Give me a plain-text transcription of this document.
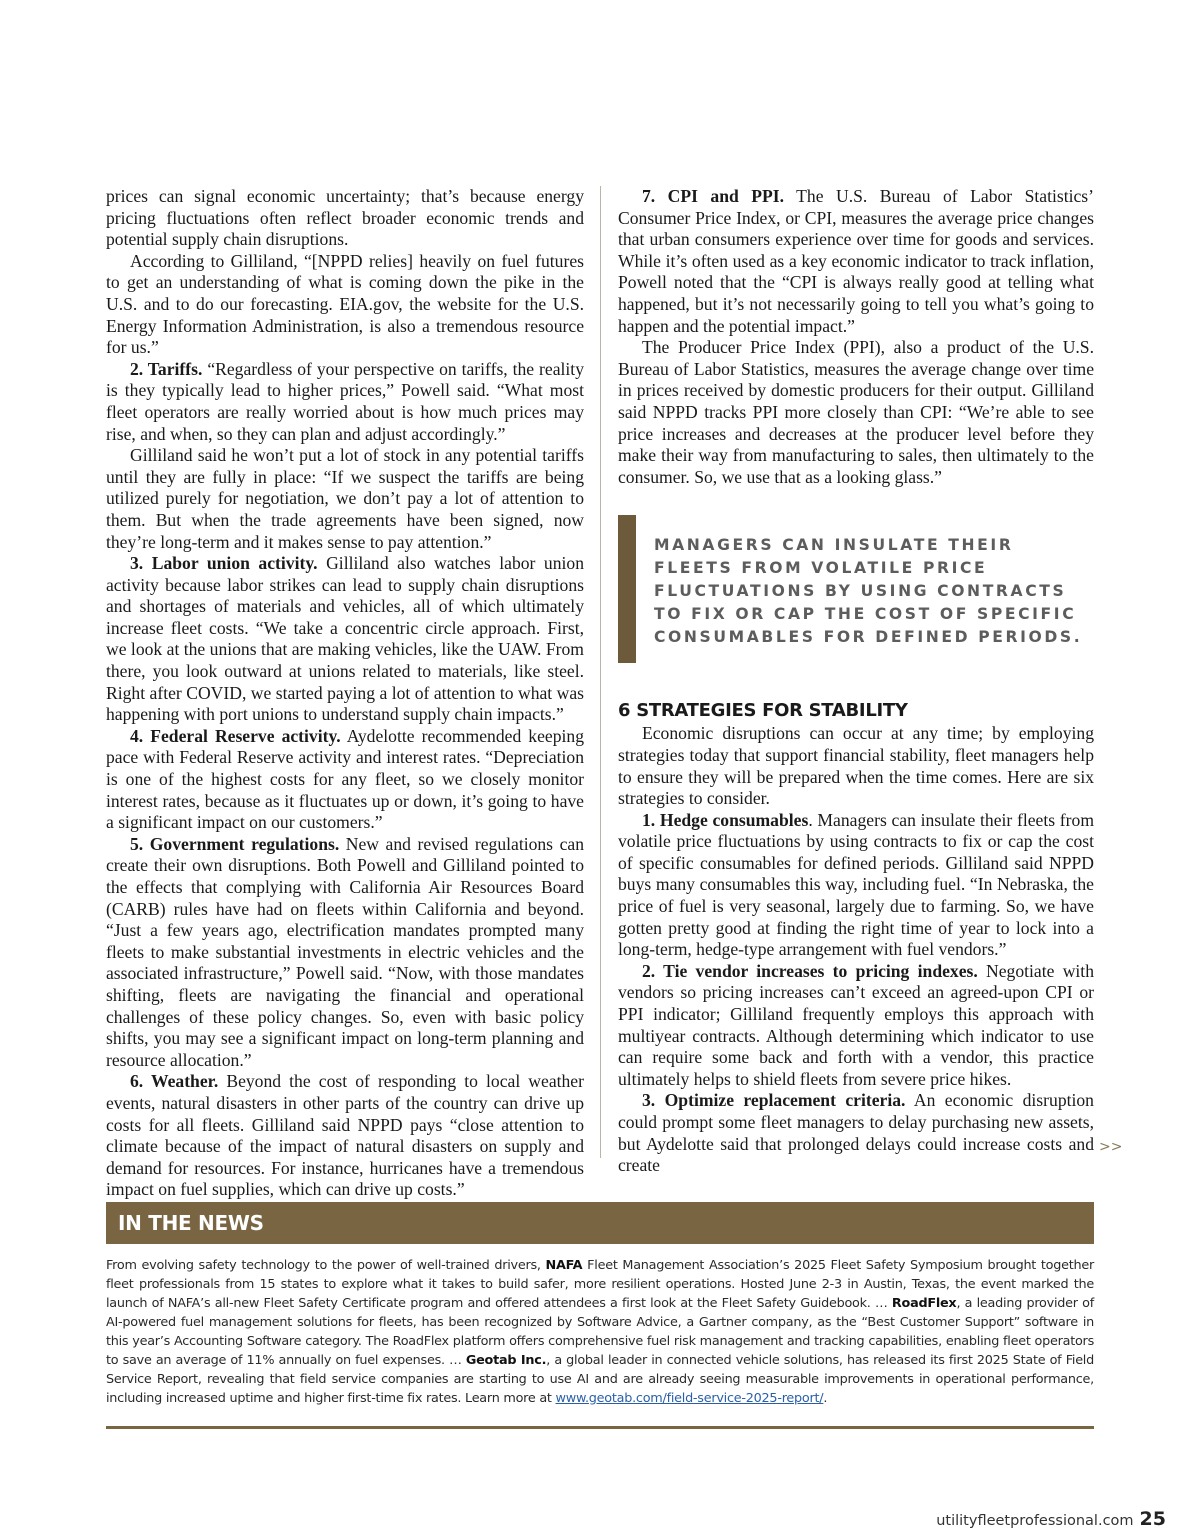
prices can signal economic uncertainty; that’s because energy pricing fluctuations often reflect broader economic trends and potential supply chain disruptions.

According to Gilliland, “[NPPD relies] heavily on fuel futures to get an understanding of what is coming down the pike in the U.S. and to do our forecasting. EIA.gov, the website for the U.S. Energy Information Administration, is also a tremendous resource for us.”

2. Tariffs. “Regardless of your perspective on tariffs, the reality is they typically lead to higher prices,” Powell said. “What most fleet operators are really worried about is how much prices may rise, and when, so they can plan and adjust accordingly.”

Gilliland said he won’t put a lot of stock in any potential tariffs until they are fully in place: “If we suspect the tariffs are being utilized purely for negotiation, we don’t pay a lot of attention to them. But when the trade agreements have been signed, now they’re long-term and it makes sense to pay attention.”

3. Labor union activity. Gilliland also watches labor union activity because labor strikes can lead to supply chain disruptions and shortages of materials and vehicles, all of which ultimately increase fleet costs. “We take a concentric circle approach. First, we look at the unions that are making vehicles, like the UAW. From there, you look outward at unions related to materials, like steel. Right after COVID, we started paying a lot of attention to what was happening with port unions to understand supply chain impacts.”

4. Federal Reserve activity. Aydelotte recommended keeping pace with Federal Reserve activity and interest rates. “Depreciation is one of the highest costs for any fleet, so we closely monitor interest rates, because as it fluctuates up or down, it’s going to have a significant impact on our customers.”

5. Government regulations. New and revised regulations can create their own disruptions. Both Powell and Gilliland pointed to the effects that complying with California Air Resources Board (CARB) rules have had on fleets within California and beyond. “Just a few years ago, electrification mandates prompted many fleets to make substantial investments in electric vehicles and the associated infrastructure,” Powell said. “Now, with those mandates shifting, fleets are navigating the financial and operational challenges of these policy changes. So, even with basic policy shifts, you may see a significant impact on long-term planning and resource allocation.”

6. Weather. Beyond the cost of responding to local weather events, natural disasters in other parts of the country can drive up costs for all fleets. Gilliland said NPPD pays “close attention to climate because of the impact of natural disasters on supply and demand for resources. For instance, hurricanes have a tremendous impact on fuel supplies, which can drive up costs.”

7. CPI and PPI. The U.S. Bureau of Labor Statistics’ Consumer Price Index, or CPI, measures the average price changes that urban consumers experience over time for goods and services. While it’s often used as a key economic indicator to track inflation, Powell noted that the “CPI is always really good at telling what happened, but it’s not necessarily going to tell you what’s going to happen and the potential impact.”

The Producer Price Index (PPI), also a product of the U.S. Bureau of Labor Statistics, measures the average change over time in prices received by domestic producers for their output. Gilliland said NPPD tracks PPI more closely than CPI: “We’re able to see price increases and decreases at the producer level before they make their way from manufacturing to sales, then ultimately to the consumer. So, we use that as a looking glass.”

MANAGERS CAN INSULATE THEIR FLEETS FROM VOLATILE PRICE FLUCTUATIONS BY USING CONTRACTS TO FIX OR CAP THE COST OF SPECIFIC CONSUMABLES FOR DEFINED PERIODS.
6 STRATEGIES FOR STABILITY

Economic disruptions can occur at any time; by employing strategies today that support financial stability, fleet managers help to ensure they will be prepared when the time comes. Here are six strategies to consider.

1. Hedge consumables. Managers can insulate their fleets from volatile price fluctuations by using contracts to fix or cap the cost of specific consumables for defined periods. Gilliland said NPPD buys many consumables this way, including fuel. “In Nebraska, the price of fuel is very seasonal, largely due to farming. So, we have gotten pretty good at finding the right time of year to lock into a long-term, hedge-type arrangement with fuel vendors.”

2. Tie vendor increases to pricing indexes. Negotiate with vendors so pricing increases can’t exceed an agreed-upon CPI or PPI indicator; Gilliland frequently employs this approach with multiyear contracts. Although determining which indicator to use can require some back and forth with a vendor, this practice ultimately helps to shield fleets from severe price hikes.

3. Optimize replacement criteria. An economic disruption could prompt some fleet managers to delay purchasing new assets, but Aydelotte said that prolonged delays could increase costs and create

>>
IN THE NEWS
From evolving safety technology to the power of well-trained drivers, NAFA Fleet Management Association’s 2025 Fleet Safety Symposium brought together fleet professionals from 15 states to explore what it takes to build safer, more resilient operations. Hosted June 2-3 in Austin, Texas, the event marked the launch of NAFA’s all-new Fleet Safety Certificate program and offered attendees a first look at the Fleet Safety Guidebook. … RoadFlex, a leading provider of AI-powered fuel management solutions for fleets, has been recognized by Software Advice, a Gartner company, as the “Best Customer Support” software in this year’s Accounting Software category. The RoadFlex platform offers comprehensive fuel risk management and tracking capabilities, enabling fleet operators to save an average of 11% annually on fuel expenses. … Geotab Inc., a global leader in connected vehicle solutions, has released its first 2025 State of Field Service Report, revealing that field service companies are starting to use AI and are already seeing measurable improvements in operational performance, including increased uptime and higher first-time fix rates. Learn more at www.geotab.com/field-service-2025-report/.
utilityfleetprofessional.com 25
